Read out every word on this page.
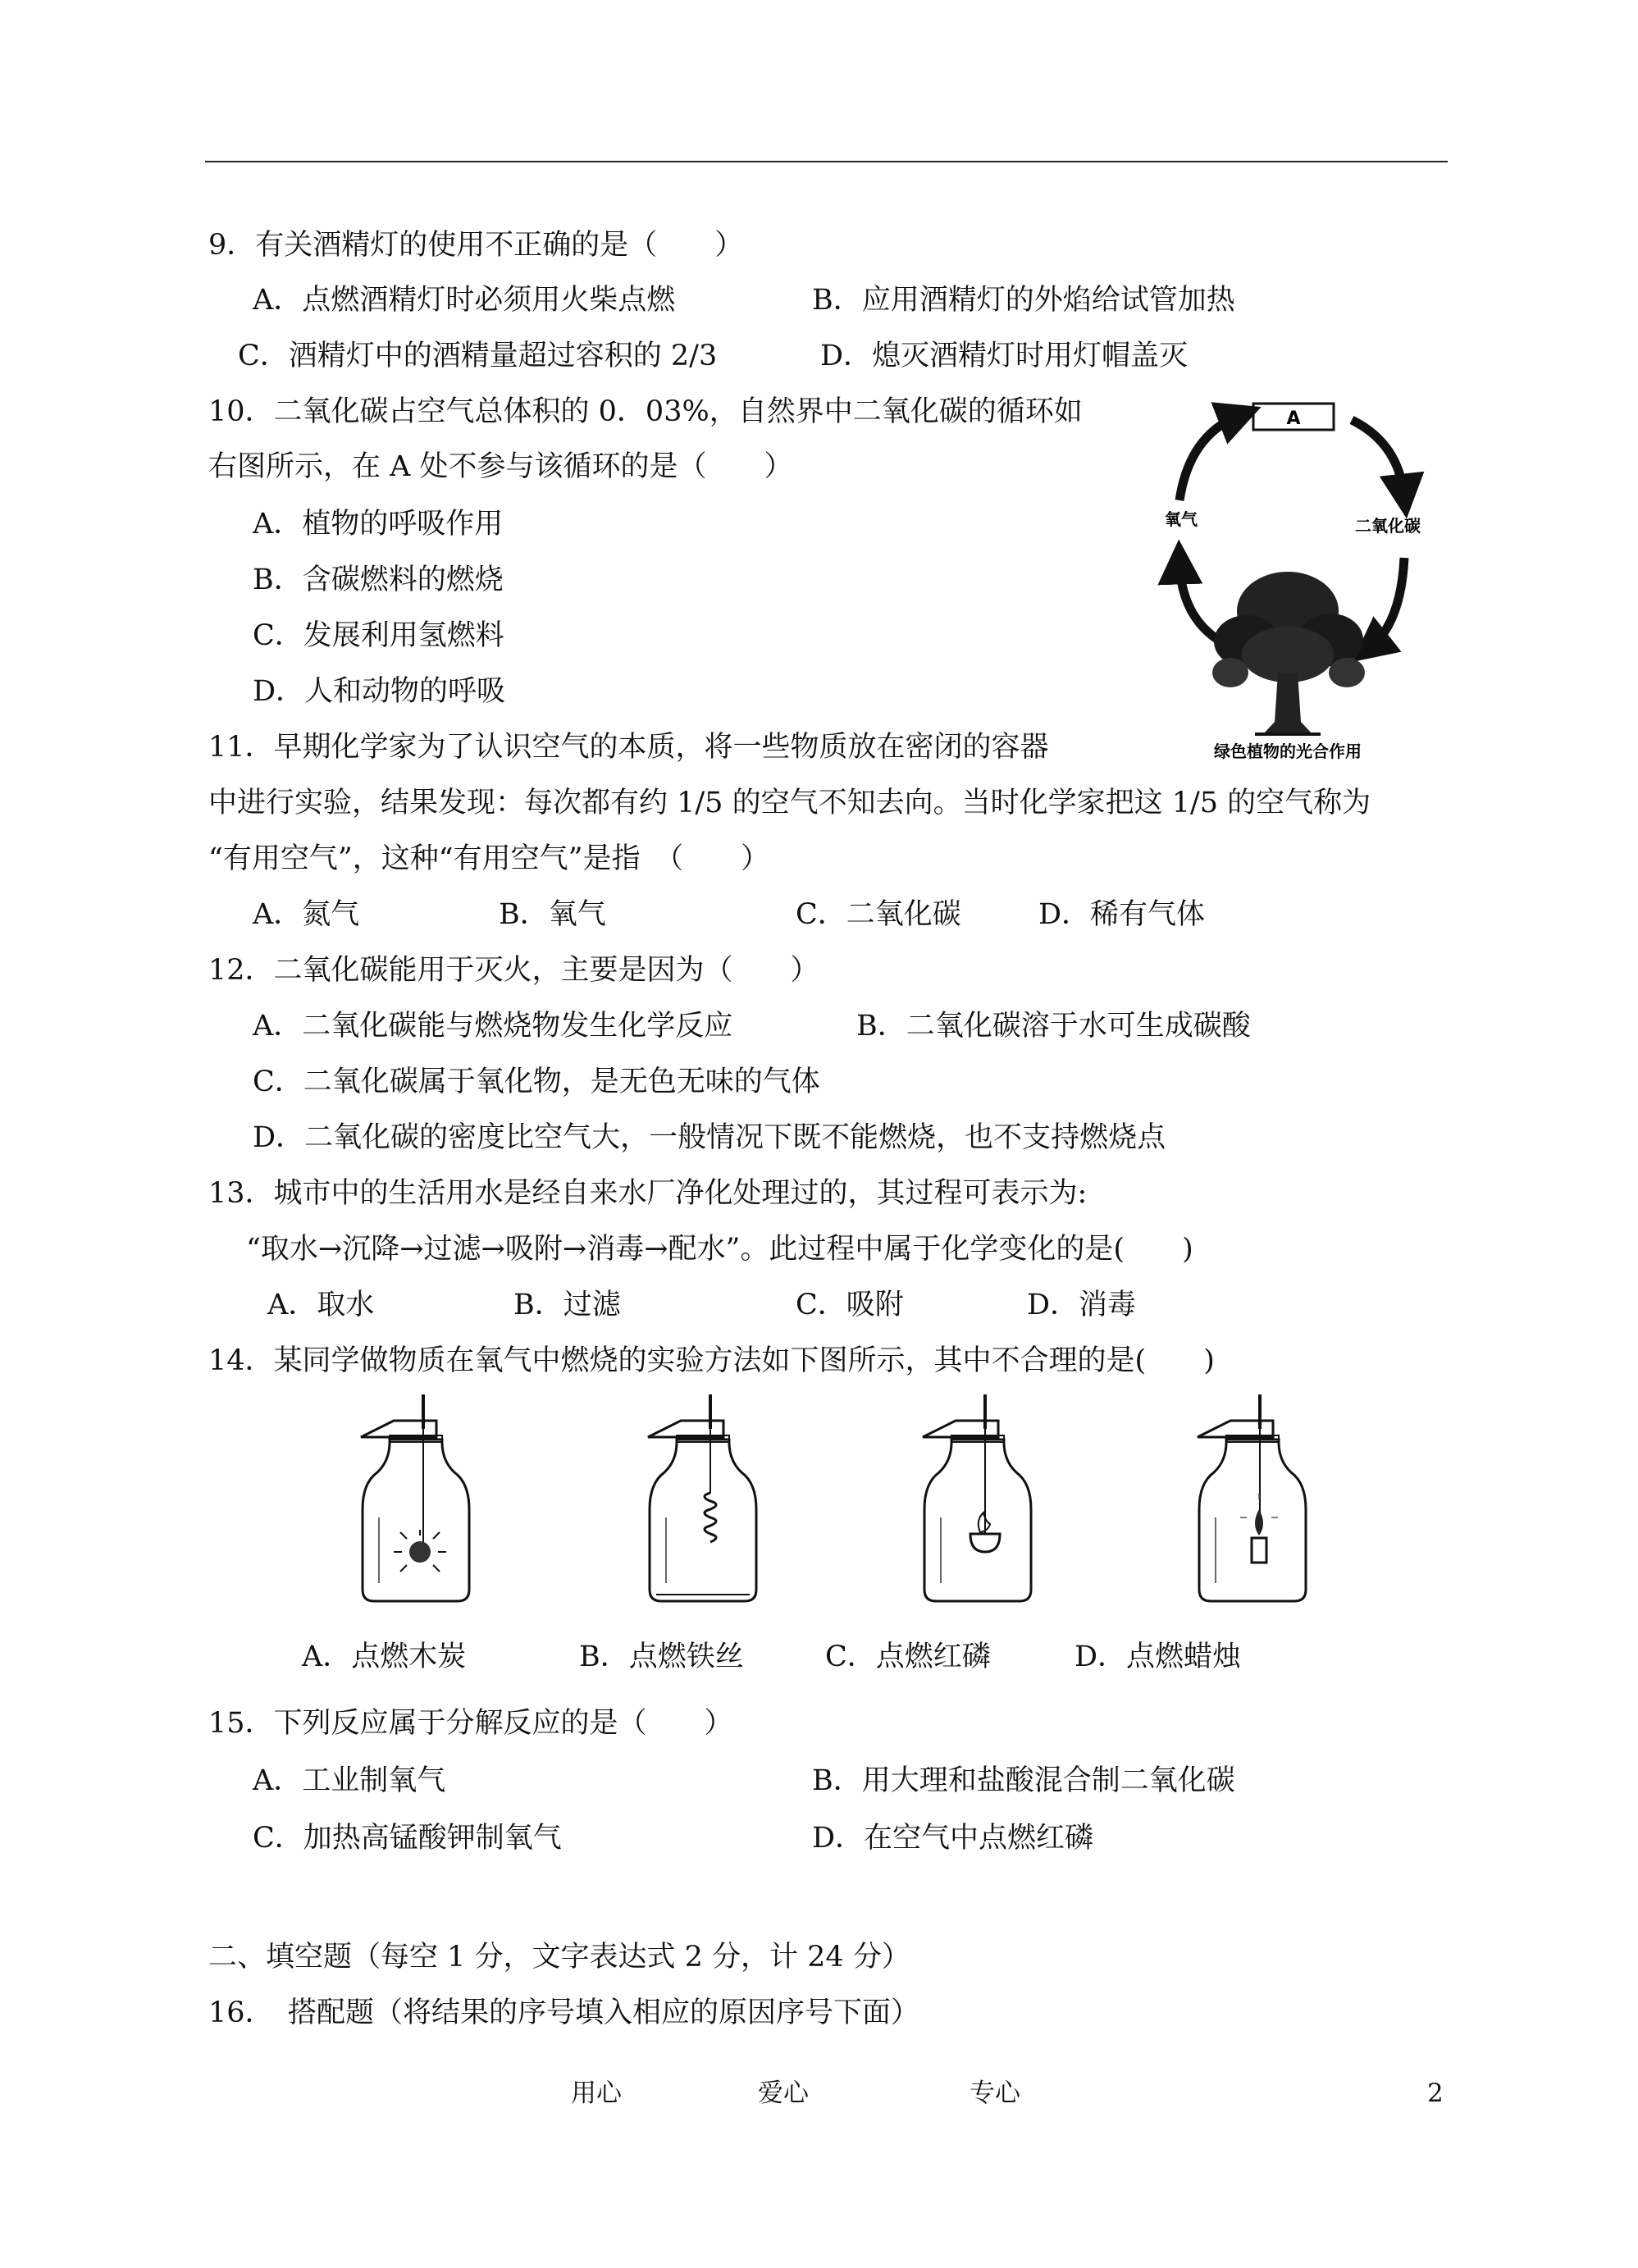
9．有关酒精灯的使用不正确的是（　　）
A．点燃酒精灯时必须用火柴点燃	B．应用酒精灯的外焰给试管加热
C．酒精灯中的酒精量超过容积的 2/3	D．熄灭酒精灯时用灯帽盖灭
10．二氧化碳占空气总体积的 0．03%，自然界中二氧化碳的循环如
右图所示，在 A 处不参与该循环的是（　　）
A．植物的呼吸作用
B．含碳燃料的燃烧
C．发展利用氢燃料
D．人和动物的呼吸
A
氧气	二氧化碳
绿色植物的光合作用
11．早期化学家为了认识空气的本质，将一些物质放在密闭的容器
中进行实验，结果发现：每次都有约 1/5 的空气不知去向。当时化学家把这 1/5 的空气称为
“有用空气”，这种“有用空气”是指　（　　）
A．氮气	B．氧气	C．二氧化碳	D．稀有气体
12．二氧化碳能用于灭火，主要是因为（　　）
A．二氧化碳能与燃烧物发生化学反应	B．二氧化碳溶于水可生成碳酸
C．二氧化碳属于氧化物，是无色无味的气体
D．二氧化碳的密度比空气大，一般情况下既不能燃烧，也不支持燃烧点
13．城市中的生活用水是经自来水厂净化处理过的，其过程可表示为:
“取水→沉降→过滤→吸附→消毒→配水”。此过程中属于化学变化的是(　　)
A．取水	B．过滤	C．吸附	D．消毒
14．某同学做物质在氧气中燃烧的实验方法如下图所示，其中不合理的是(　　)
A．点燃木炭	B．点燃铁丝	C．点燃红磷	D．点燃蜡烛
15．下列反应属于分解反应的是（　　）
A．工业制氧气	B．用大理和盐酸混合制二氧化碳
C．加热高锰酸钾制氧气	D．在空气中点燃红磷
二、填空题（每空 1 分，文字表达式 2 分，计 24 分）
16．　搭配题（将结果的序号填入相应的原因序号下面）
用心	爱心	专心	2
